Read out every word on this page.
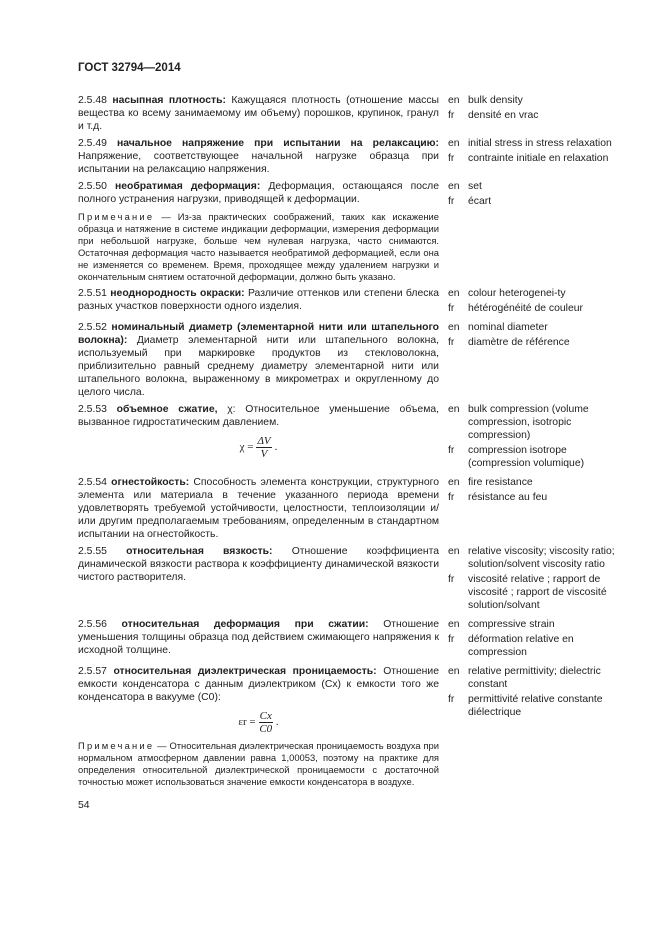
ГОСТ 32794—2014
2.5.48 насыпная плотность: Кажущаяся плотность (отношение массы вещества ко всему занимаемому им объему) порошков, крупинок, гранул и т.д.
en bulk density
fr	densité en vrac
2.5.49 начальное напряжение при испытании на релаксацию: Напряжение, соответствующее начальной нагрузке образца при испытании на релаксацию напряжения.
en initial stress in stress relaxation
fr	contrainte initiale en relaxation
2.5.50 необратимая деформация: Деформация, остающаяся после полного устранения нагрузки, приводящей к деформации.
Примечание — Из-за практических соображений, таких как искажение образца и натяжение в системе индикации деформации, измерения деформации при небольшой нагрузке, больше чем нулевая нагрузка, часто снимаются. Остаточная деформация часто называется необратимой деформацией, если она не изменяется со временем. Время, проходящее между удалением нагрузки и окончательным снятием остаточной деформации, должно быть указано.
en set
fr	écart
2.5.51 неоднородность окраски: Различие оттенков или степени блеска разных участков поверхности одного изделия.
en colour heterogenei-ty
fr	hétérogénéité de couleur
2.5.52 номинальный диаметр (элементарной нити или штапельного волокна): Диаметр элементарной нити или штапельного волокна, используемый при маркировке продуктов из стекловолокна, приблизительно равный среднему диаметру элементарной нити или штапельного волокна, выраженному в микрометрах и округленному до целого числа.
en nominal diameter
fr	diamètre de référence
2.5.53 объемное сжатие, χ: Относительное уменьшение объема, вызванное гидростатическим давлением.
$\chi = \frac{\Delta V}{V}$ .
en bulk compression (volume compression, isotropic compression)
fr	compression isotrope (compression volumique)
2.5.54 огнестойкость: Способность элемента конструкции, структурного элемента или материала в течение указанного периода времени удовлетворять требуемой устойчивости, целостности, теплоизоляции и/или другим предполагаемым требованиям, определенным в стандартном испытании на огнестойкость.
en fire resistance
fr	résistance au feu
2.5.55 относительная вязкость: Отношение коэффициента динамической вязкости раствора к коэффициенту динамической вязкости чистого растворителя.
en relative viscosity; viscosity ratio; solution/solvent viscosity ratio
fr	viscosité relative ; rapport de viscosité ; rapport de viscosité solution/solvant
2.5.56 относительная деформация при сжатии: Отношение уменьшения толщины образца под действием сжимающего напряжения к исходной толщине.
en compressive strain
fr	déformation relative en compression
2.5.57 относительная диэлектрическая проницаемость: Отношение емкости конденсатора с данным диэлектриком (Cx) к емкости того же конденсатора в вакууме (C0):
$\varepsilon r = \frac{Cx}{C0}$ .
Примечание — Относительная диэлектрическая проницаемость воздуха при нормальном атмосферном давлении равна 1,00053, поэтому на практике для определения относительной диэлектрической проницаемости с достаточной точностью может использоваться значение емкости конденсатора в воздухе.
en relative permittivity; dielectric constant
fr	permittivité relative constante diélectrique
54
